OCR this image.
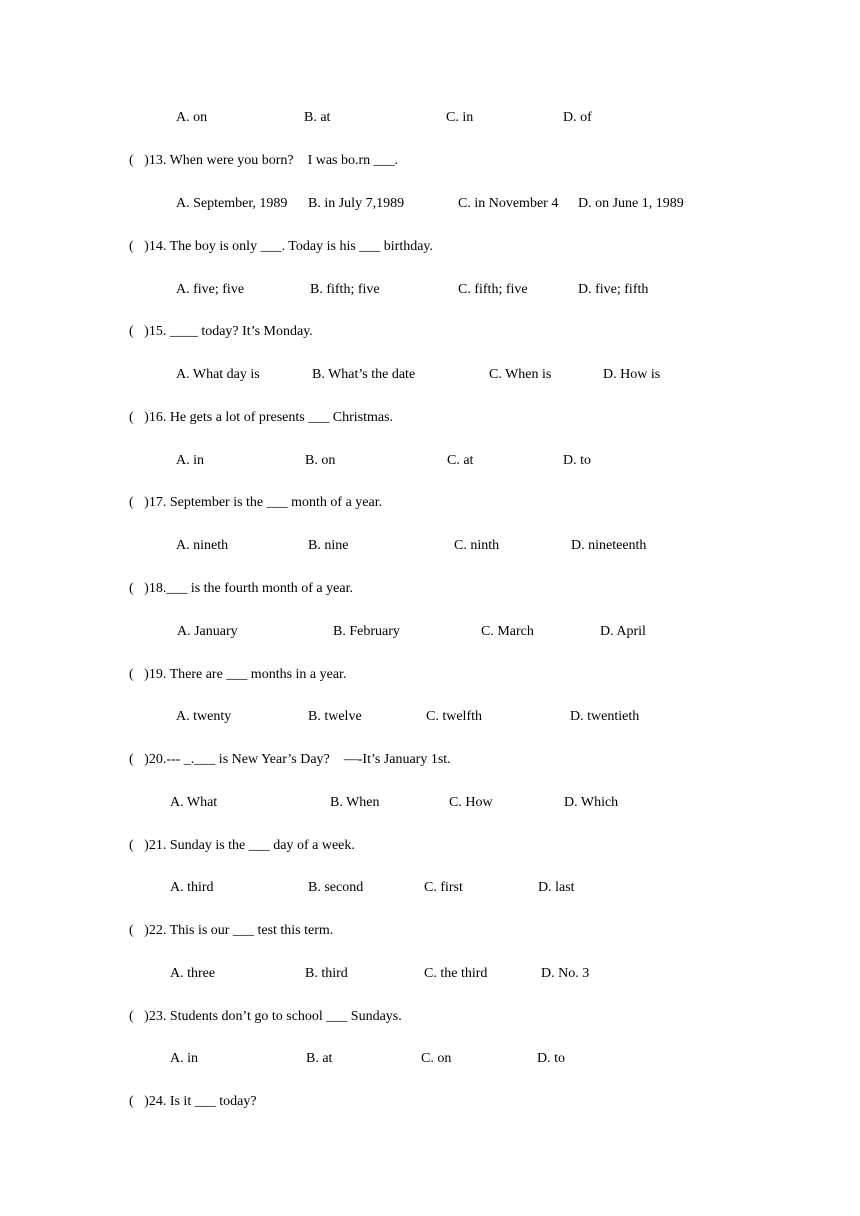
A. on	B. at	C. in	D. of
(   )13. When were you born?    I was bo.rn ___.
A. September, 1989 B. in July 7,1989	C. in November 4 D. on June 1, 1989
(   )14. The boy is only ___. Today is his ___ birthday.
A. five; five	B. fifth; five	C. fifth; five	D. five; fifth
(   )15. ____ today? It’s Monday.
A. What day is	B. What’s the date	C. When is	D. How is
(   )16. He gets a lot of presents ___ Christmas.
A. in	B. on	C. at	D. to
(   )17. September is the ___ month of a year.
A. nineth	B. nine	C. ninth	D. nineteenth
(   )18.___ is the fourth month of a year.
A. January	B. February	C. March	D. April
(   )19. There are ___ months in a year.
A. twenty	B. twelve	C. twelfth	D. twentieth
(   )20.--- _.___ is New Year’s Day?    —-It’s January 1st.
A. What	B. When	C. How	D. Which
(   )21. Sunday is the ___ day of a week.
A. third	B. second	C. first	D. last
(   )22. This is our ___ test this term.
A. three	B. third	C. the third	D. No. 3
(   )23. Students don’t go to school ___ Sundays.
A. in	B. at	C. on	D. to
(   )24. Is it ___ today?
